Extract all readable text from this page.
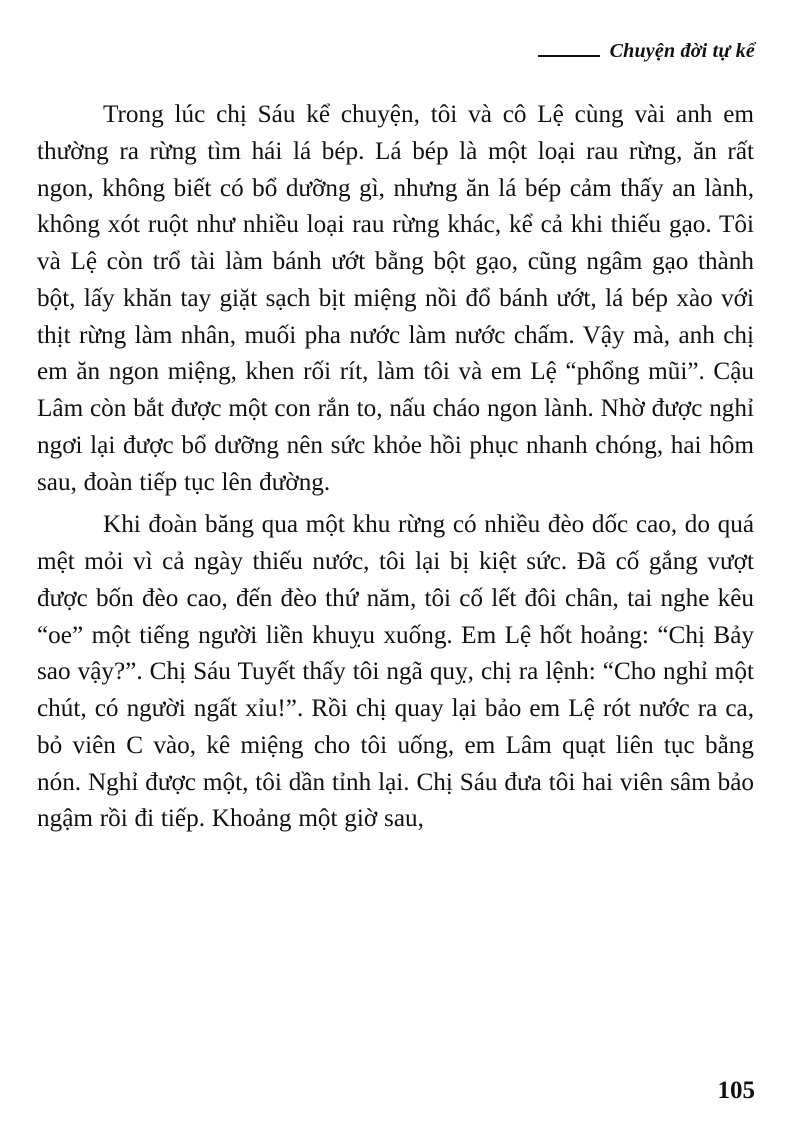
Chuyện đời tự kể

Trong lúc chị Sáu kể chuyện, tôi và cô Lệ cùng vài anh em thường ra rừng tìm hái lá bép. Lá bép là một loại rau rừng, ăn rất ngon, không biết có bổ dưỡng gì, nhưng ăn lá bép cảm thấy an lành, không xót ruột như nhiều loại rau rừng khác, kể cả khi thiếu gạo. Tôi và Lệ còn trổ tài làm bánh ướt bằng bột gạo, cũng ngâm gạo thành bột, lấy khăn tay giặt sạch bịt miệng nồi đổ bánh ướt, lá bép xào với thịt rừng làm nhân, muối pha nước làm nước chấm. Vậy mà, anh chị em ăn ngon miệng, khen rối rít, làm tôi và em Lệ “phổng mũi”. Cậu Lâm còn bắt được một con rắn to, nấu cháo ngon lành. Nhờ được nghỉ ngơi lại được bổ dưỡng nên sức khỏe hồi phục nhanh chóng, hai hôm sau, đoàn tiếp tục lên đường.

Khi đoàn băng qua một khu rừng có nhiều đèo dốc cao, do quá mệt mỏi vì cả ngày thiếu nước, tôi lại bị kiệt sức. Đã cố gắng vượt được bốn đèo cao, đến đèo thứ năm, tôi cố lết đôi chân, tai nghe kêu “oe” một tiếng người liền khuỵu xuống. Em Lệ hốt hoảng: “Chị Bảy sao vậy?”. Chị Sáu Tuyết thấy tôi ngã quỵ, chị ra lệnh: “Cho nghỉ một chút, có người ngất xỉu!”. Rồi chị quay lại bảo em Lệ rót nước ra ca, bỏ viên C vào, kê miệng cho tôi uống, em Lâm quạt liên tục bằng nón. Nghỉ được một, tôi dần tỉnh lại. Chị Sáu đưa tôi hai viên sâm bảo ngậm rồi đi tiếp. Khoảng một giờ sau,

105
